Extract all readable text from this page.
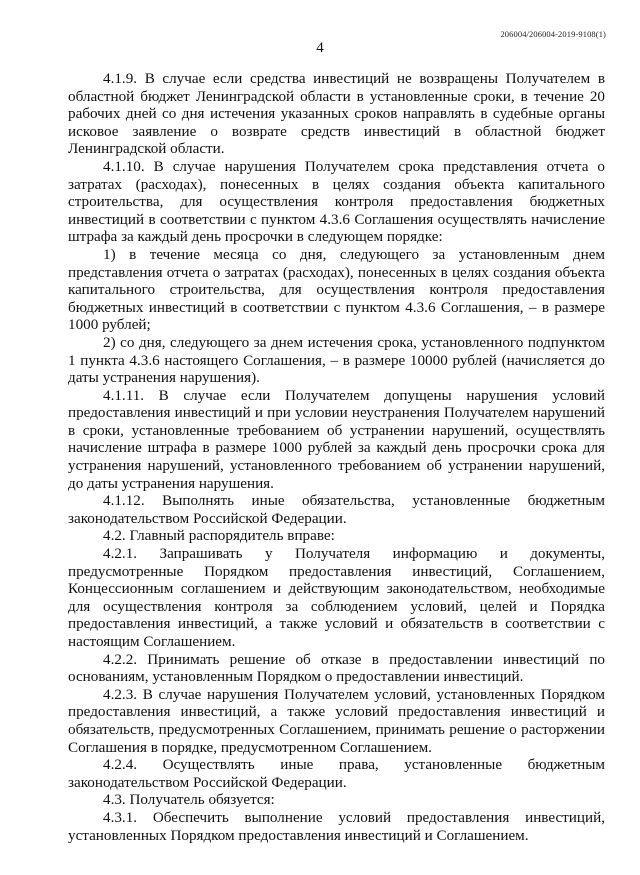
206004/206004-2019-9108(1)
4

4.1.9. В случае если средства инвестиций не возвращены Получателем в областной бюджет Ленинградской области в установленные сроки, в течение 20 рабочих дней со дня истечения указанных сроков направлять в судебные органы исковое заявление о возврате средств инвестиций в областной бюджет Ленинградской области.

4.1.10. В случае нарушения Получателем срока представления отчета о затратах (расходах), понесенных в целях создания объекта капитального строительства, для осуществления контроля предоставления бюджетных инвестиций в соответствии с пунктом 4.3.6 Соглашения осуществлять начисление штрафа за каждый день просрочки в следующем порядке:

1) в течение месяца со дня, следующего за установленным днем представления отчета о затратах (расходах), понесенных в целях создания объекта капитального строительства, для осуществления контроля предоставления бюджетных инвестиций в соответствии с пунктом 4.3.6 Соглашения, – в размере 1000 рублей;

2) со дня, следующего за днем истечения срока, установленного подпунктом 1 пункта 4.3.6 настоящего Соглашения, – в размере 10000 рублей (начисляется до даты устранения нарушения).

4.1.11. В случае если Получателем допущены нарушения условий предоставления инвестиций и при условии неустранения Получателем нарушений в сроки, установленные требованием об устранении нарушений, осуществлять начисление штрафа в размере 1000 рублей за каждый день просрочки срока для устранения нарушений, установленного требованием об устранении нарушений, до даты устранения нарушения.

4.1.12. Выполнять иные обязательства, установленные бюджетным законодательством Российской Федерации.

4.2. Главный распорядитель вправе:

4.2.1. Запрашивать у Получателя информацию и документы, предусмотренные Порядком предоставления инвестиций, Соглашением, Концессионным соглашением и действующим законодательством, необходимые для осуществления контроля за соблюдением условий, целей и Порядка предоставления инвестиций, а также условий и обязательств в соответствии с настоящим Соглашением.

4.2.2. Принимать решение об отказе в предоставлении инвестиций по основаниям, установленным Порядком о предоставлении инвестиций.

4.2.3. В случае нарушения Получателем условий, установленных Порядком предоставления инвестиций, а также условий предоставления инвестиций и обязательств, предусмотренных Соглашением, принимать решение о расторжении Соглашения в порядке, предусмотренном Соглашением.

4.2.4. Осуществлять иные права, установленные бюджетным законодательством Российской Федерации.

4.3. Получатель обязуется:

4.3.1. Обеспечить выполнение условий предоставления инвестиций, установленных Порядком предоставления инвестиций и Соглашением.
